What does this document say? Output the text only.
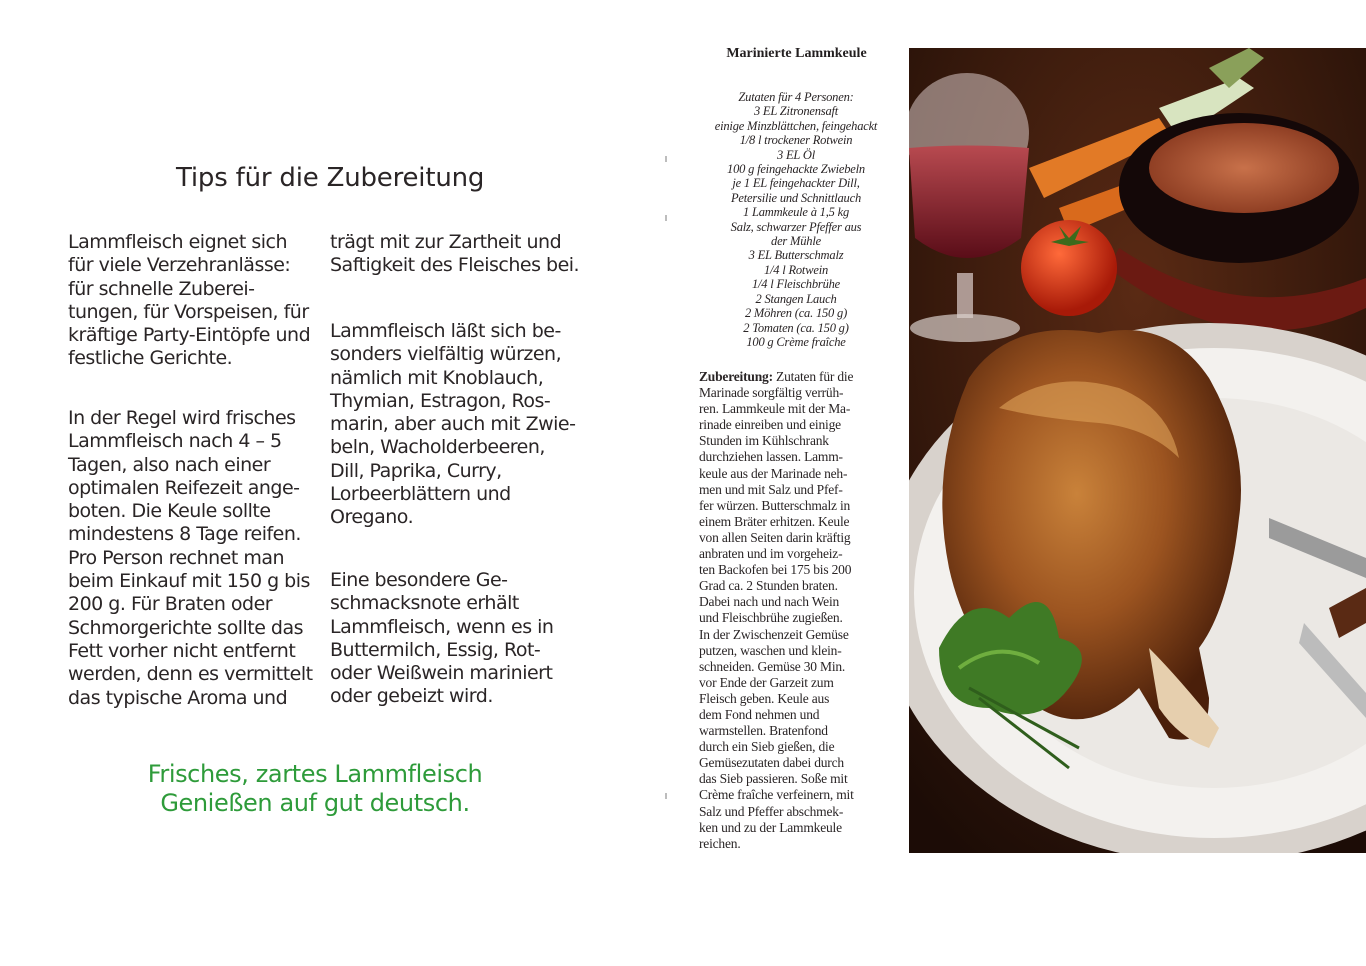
Tips für die Zubereitung
Lammfleisch eignet sich
für viele Verzehranlässe:
für schnelle Zuberei-
tungen, für Vorspeisen, für
kräftige Party-Eintöpfe und
festliche Gerichte.
In der Regel wird frisches
Lammfleisch nach 4 – 5
Tagen, also nach einer
optimalen Reifezeit ange-
boten. Die Keule sollte
mindestens 8 Tage reifen.
Pro Person rechnet man
beim Einkauf mit 150 g bis
200 g. Für Braten oder
Schmorgerichte sollte das
Fett vorher nicht entfernt
werden, denn es vermittelt
das typische Aroma und
trägt mit zur Zartheit und
Saftigkeit des Fleisches bei.
Lammfleisch läßt sich be-
sonders vielfältig würzen,
nämlich mit Knoblauch,
Thymian, Estragon, Ros-
marin, aber auch mit Zwie-
beln, Wacholderbeeren,
Dill, Paprika, Curry,
Lorbeerblättern und
Oregano.
Eine besondere Ge-
schmacksnote erhält
Lammfleisch, wenn es in
Buttermilch, Essig, Rot-
oder Weißwein mariniert
oder gebeizt wird.
Frisches, zartes Lammfleisch
Genießen auf gut deutsch.
Marinierte Lammkeule
Zutaten für 4 Personen:
3 EL Zitronensaft
einige Minzblättchen, feingehackt
1/8 l trockener Rotwein
3 EL Öl
100 g feingehackte Zwiebeln
je 1 EL feingehackter Dill,
Petersilie und Schnittlauch
1 Lammkeule à 1,5 kg
Salz, schwarzer Pfeffer aus
der Mühle
3 EL Butterschmalz
1/4 l Rotwein
1/4 l Fleischbrühe
2 Stangen Lauch
2 Möhren (ca. 150 g)
2 Tomaten (ca. 150 g)
100 g Crème fraîche
Zubereitung: Zutaten für die
Marinade sorgfältig verrüh-
ren. Lammkeule mit der Ma-
rinade einreiben und einige
Stunden im Kühlschrank
durchziehen lassen. Lamm-
keule aus der Marinade neh-
men und mit Salz und Pfef-
fer würzen. Butterschmalz in
einem Bräter erhitzen. Keule
von allen Seiten darin kräftig
anbraten und im vorgeheiz-
ten Backofen bei 175 bis 200
Grad ca. 2 Stunden braten.
Dabei nach und nach Wein
und Fleischbrühe zugießen.
In der Zwischenzeit Gemüse
putzen, waschen und klein-
schneiden. Gemüse 30 Min.
vor Ende der Garzeit zum
Fleisch geben. Keule aus
dem Fond nehmen und
warmstellen. Bratenfond
durch ein Sieb gießen, die
Gemüsezutaten dabei durch
das Sieb passieren. Soße mit
Crème fraîche verfeinern, mit
Salz und Pfeffer abschmek-
ken und zu der Lammkeule
reichen.
